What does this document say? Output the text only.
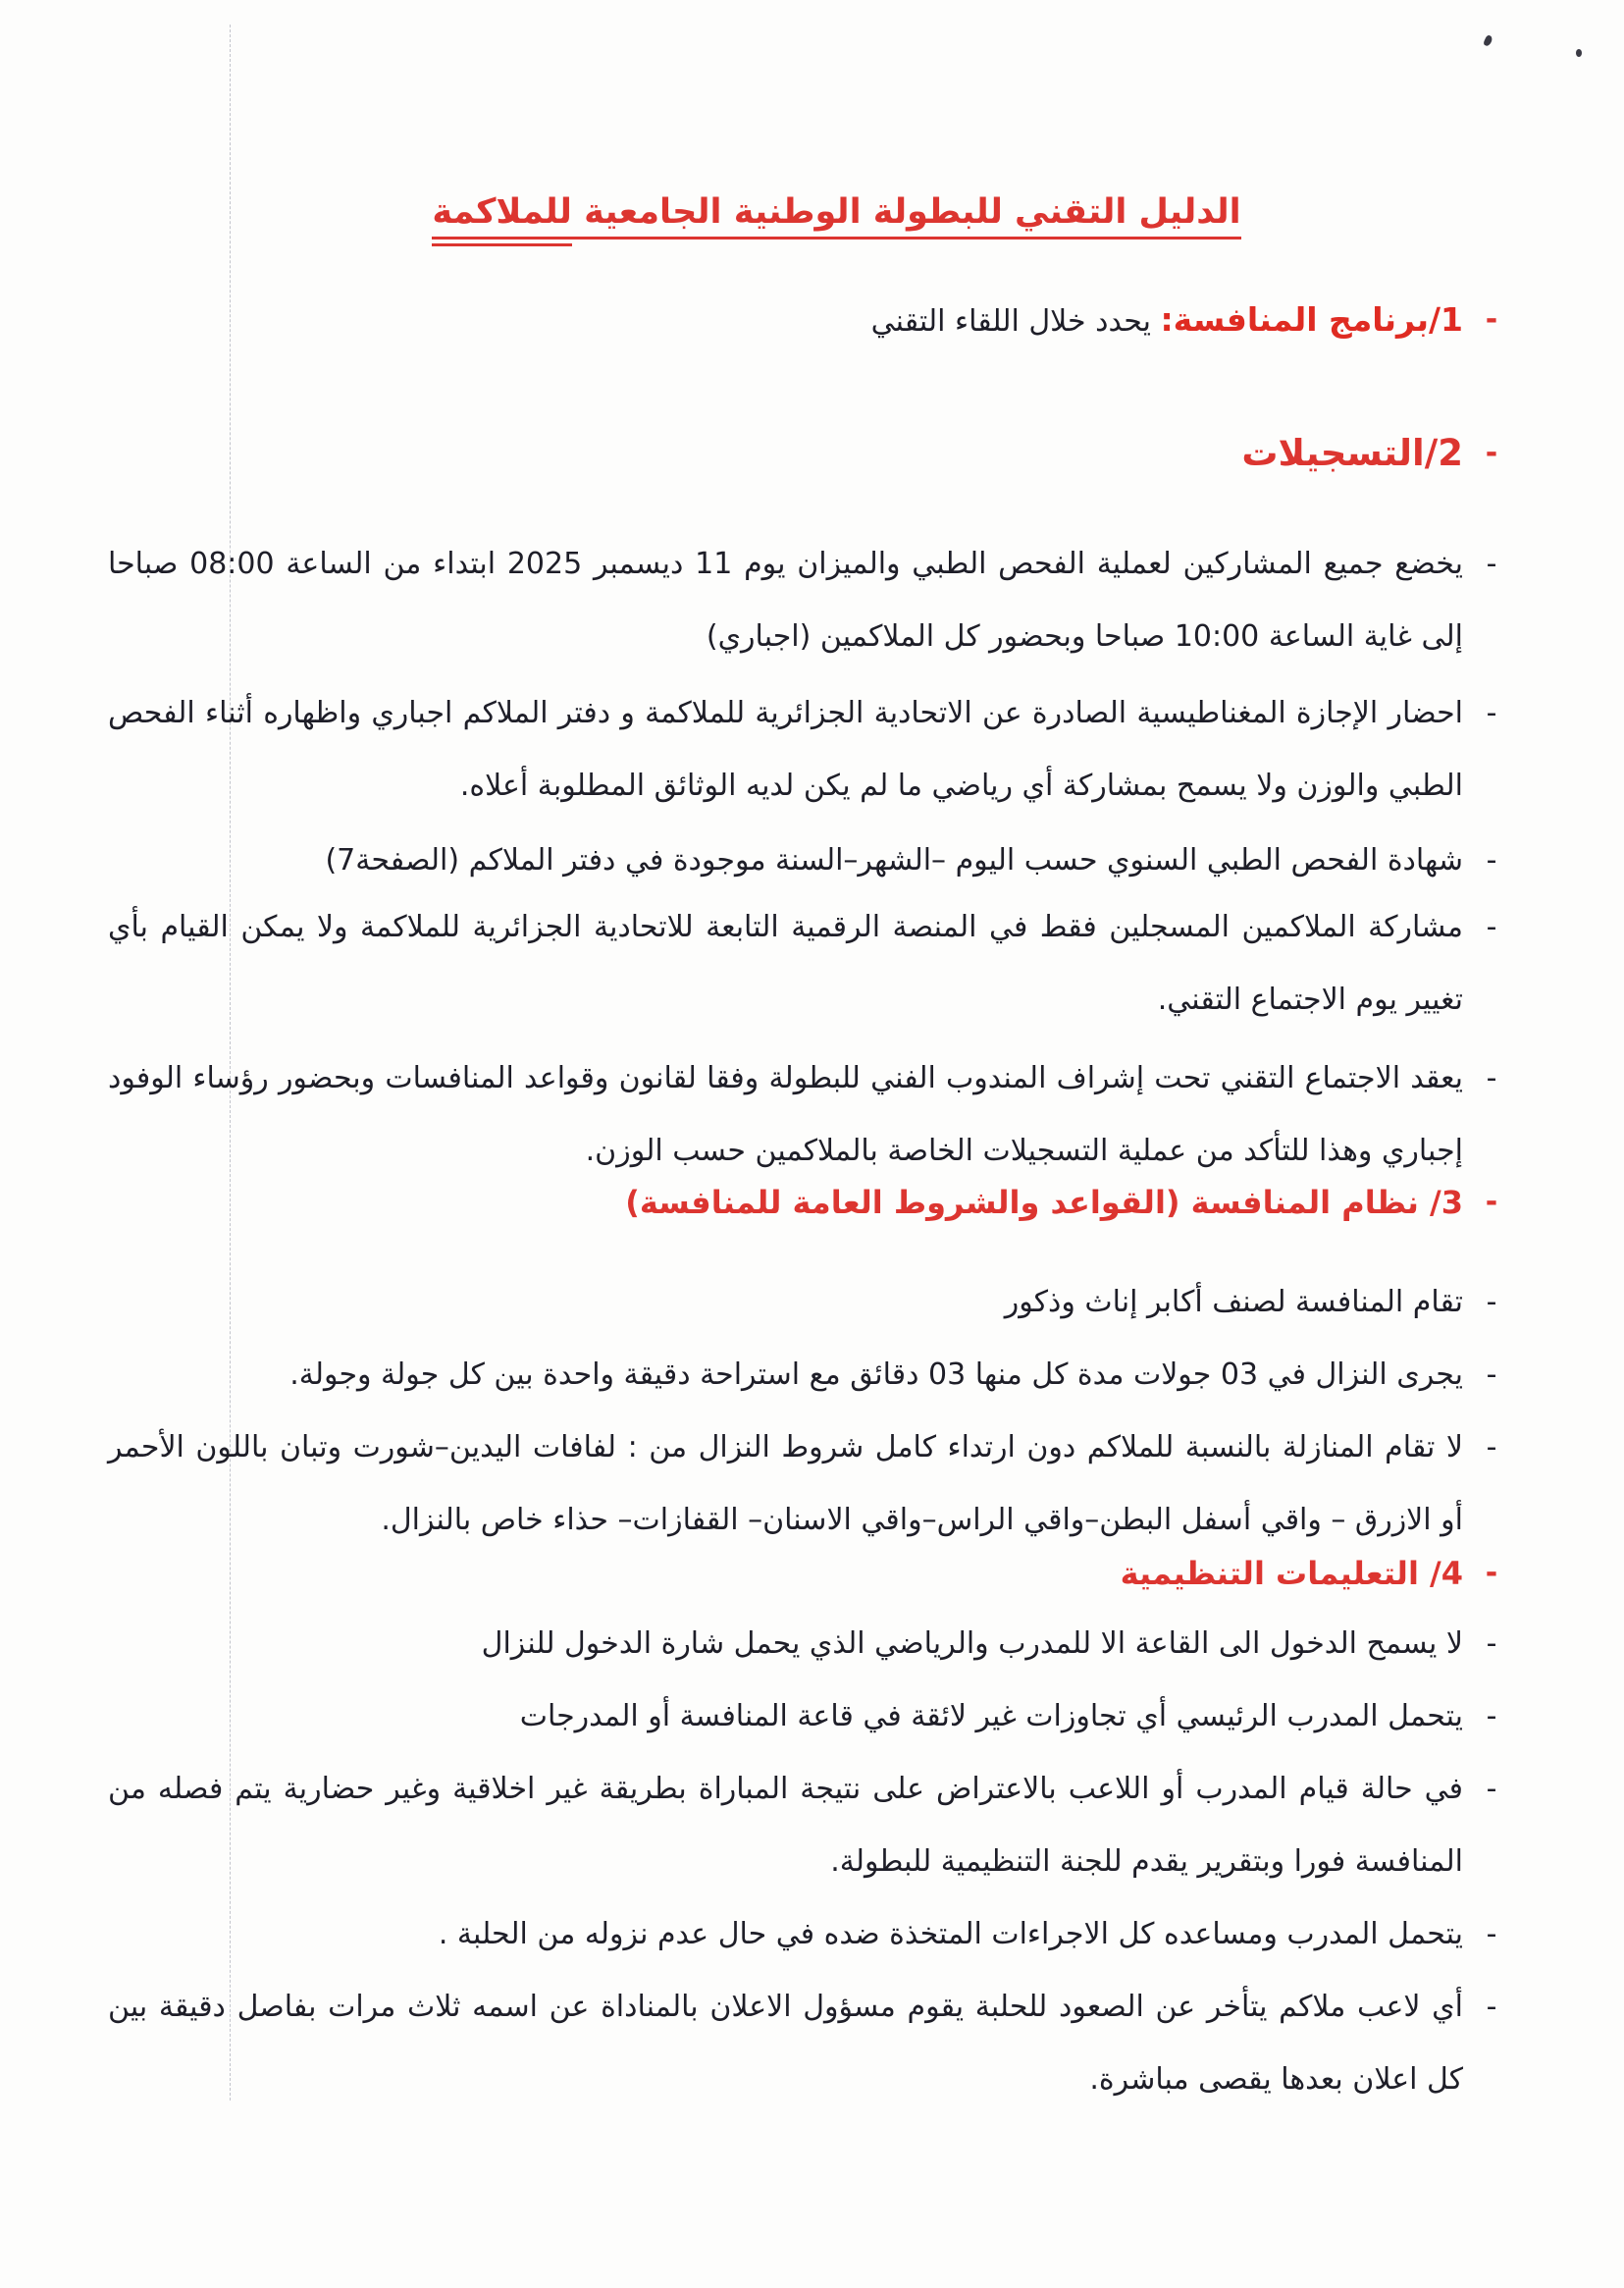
الدليل التقني للبطولة الوطنية الجامعية للملاكمة
-
1/برنامج المنافسة: يحدد خلال اللقاء التقني
-
2/التسجيلات
-
يخضع جميع المشاركين لعملية الفحص الطبي والميزان يوم 11 ديسمبر 2025 ابتداء من الساعة 08:00 صباحا إلى غاية الساعة 10:00 صباحا وبحضور كل الملاكمين (اجباري)
-
احضار الإجازة المغناطيسية الصادرة عن الاتحادية الجزائرية للملاكمة و دفتر الملاكم اجباري واظهاره أثناء الفحص الطبي والوزن ولا يسمح بمشاركة أي رياضي ما لم يكن لديه الوثائق المطلوبة أعلاه.
-
شهادة الفحص الطبي السنوي حسب اليوم –الشهر–السنة موجودة في دفتر الملاكم (الصفحة7)
-
مشاركة الملاكمين المسجلين فقط في المنصة الرقمية التابعة للاتحادية الجزائرية للملاكمة ولا يمكن القيام بأي تغيير يوم الاجتماع التقني.
-
يعقد الاجتماع التقني تحت إشراف المندوب الفني للبطولة وفقا لقانون وقواعد المنافسات وبحضور رؤساء الوفود إجباري وهذا للتأكد من عملية التسجيلات الخاصة بالملاكمين حسب الوزن.
-
3/ نظام المنافسة (القواعد والشروط العامة للمنافسة)
-
تقام المنافسة لصنف أكابر إناث وذكور
-
يجرى النزال في 03 جولات مدة كل منها 03 دقائق مع استراحة دقيقة واحدة بين كل جولة وجولة.
-
لا تقام المنازلة بالنسبة للملاكم دون ارتداء كامل شروط النزال من : لفافات اليدين–شورت وتبان باللون الأحمر أو الازرق – واقي أسفل البطن–واقي الراس–واقي الاسنان– القفازات– حذاء خاص بالنزال.
-
4/ التعليمات التنظيمية
-
لا يسمح الدخول الى القاعة الا للمدرب والرياضي الذي يحمل شارة الدخول للنزال
-
يتحمل المدرب الرئيسي أي تجاوزات غير لائقة في قاعة المنافسة أو المدرجات
-
في حالة قيام المدرب أو اللاعب بالاعتراض على نتيجة المباراة بطريقة غير اخلاقية وغير حضارية يتم فصله من المنافسة فورا وبتقرير يقدم للجنة التنظيمية للبطولة.
-
يتحمل المدرب ومساعده كل الاجراءات المتخذة ضده في حال عدم نزوله من الحلبة .
-
أي لاعب ملاكم يتأخر عن الصعود للحلبة يقوم مسؤول الاعلان بالمناداة عن اسمه ثلاث مرات بفاصل دقيقة بين كل اعلان بعدها يقصى مباشرة.
